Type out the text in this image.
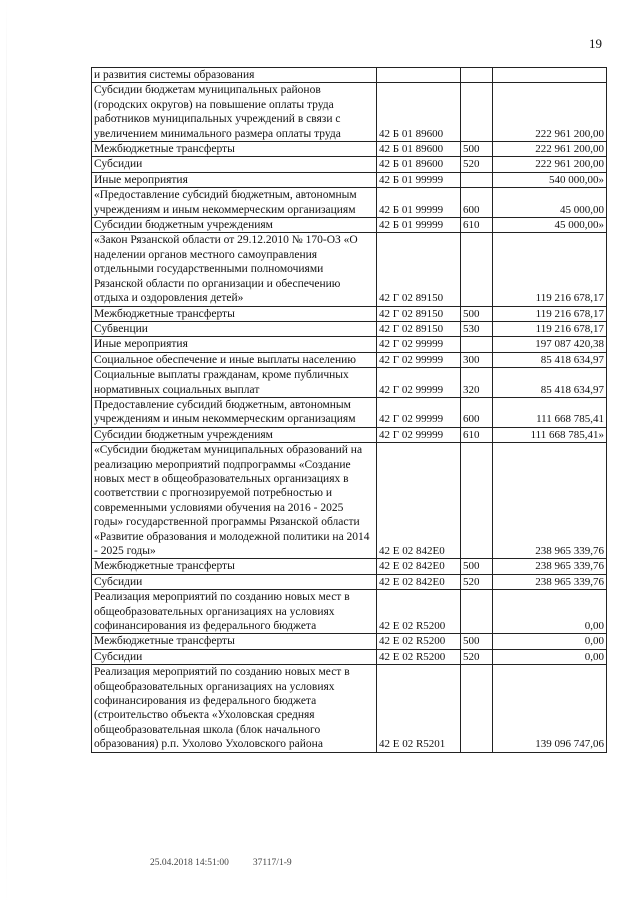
19
и развития системы образования			
Субсидии бюджетам муниципальных районов (городских округов) на повышение оплаты труда работников муниципальных учреждений в связи с увеличением минимального размера оплаты труда	42 Б 01 89600		222 961 200,00
Межбюджетные трансферты	42 Б 01 89600	500	222 961 200,00
Субсидии	42 Б 01 89600	520	222 961 200,00
Иные мероприятия	42 Б 01 99999		540 000,00»
«Предоставление субсидий бюджетным, автономным учреждениям и иным некоммерческим организациям	42 Б 01 99999	600	45 000,00
Субсидии бюджетным учреждениям	42 Б 01 99999	610	45 000,00»
«Закон Рязанской области от 29.12.2010 № 170-ОЗ «О наделении органов местного самоуправления отдельными государственными полномочиями Рязанской области по организации и обеспечению отдыха и оздоровления детей»	42 Г 02 89150		119 216 678,17
Межбюджетные трансферты	42 Г 02 89150	500	119 216 678,17
Субвенции	42 Г 02 89150	530	119 216 678,17
Иные мероприятия	42 Г 02 99999		197 087 420,38
Социальное обеспечение и иные выплаты населению	42 Г 02 99999	300	85 418 634,97
Социальные выплаты гражданам, кроме публичных нормативных социальных выплат	42 Г 02 99999	320	85 418 634,97
Предоставление субсидий бюджетным, автономным учреждениям и иным некоммерческим организациям	42 Г 02 99999	600	111 668 785,41
Субсидии бюджетным учреждениям	42 Г 02 99999	610	111 668 785,41»
«Субсидии бюджетам муниципальных образований на реализацию мероприятий подпрограммы «Создание новых мест в общеобразовательных организациях в соответствии с прогнозируемой потребностью и современными условиями обучения на 2016 - 2025 годы» государственной программы Рязанской области «Развитие образования и молодежной политики на 2014 - 2025 годы»	42 Е 02 842Е0		238 965 339,76
Межбюджетные трансферты	42 Е 02 842Е0	500	238 965 339,76
Субсидии	42 Е 02 842Е0	520	238 965 339,76
Реализация мероприятий по созданию новых мест в общеобразовательных организациях на условиях софинансирования из федерального бюджета	42 Е 02 R5200		0,00
Межбюджетные трансферты	42 Е 02 R5200	500	0,00
Субсидии	42 Е 02 R5200	520	0,00
Реализация мероприятий по созданию новых мест в общеобразовательных организациях на условиях софинансирования из федерального бюджета (строительство объекта «Ухоловская средняя общеобразовательная школа (блок начального образования) р.п. Ухолово Ухоловского района	42 Е 02 R5201		139 096 747,06
25.04.2018 14:51:00	37117/1-9
